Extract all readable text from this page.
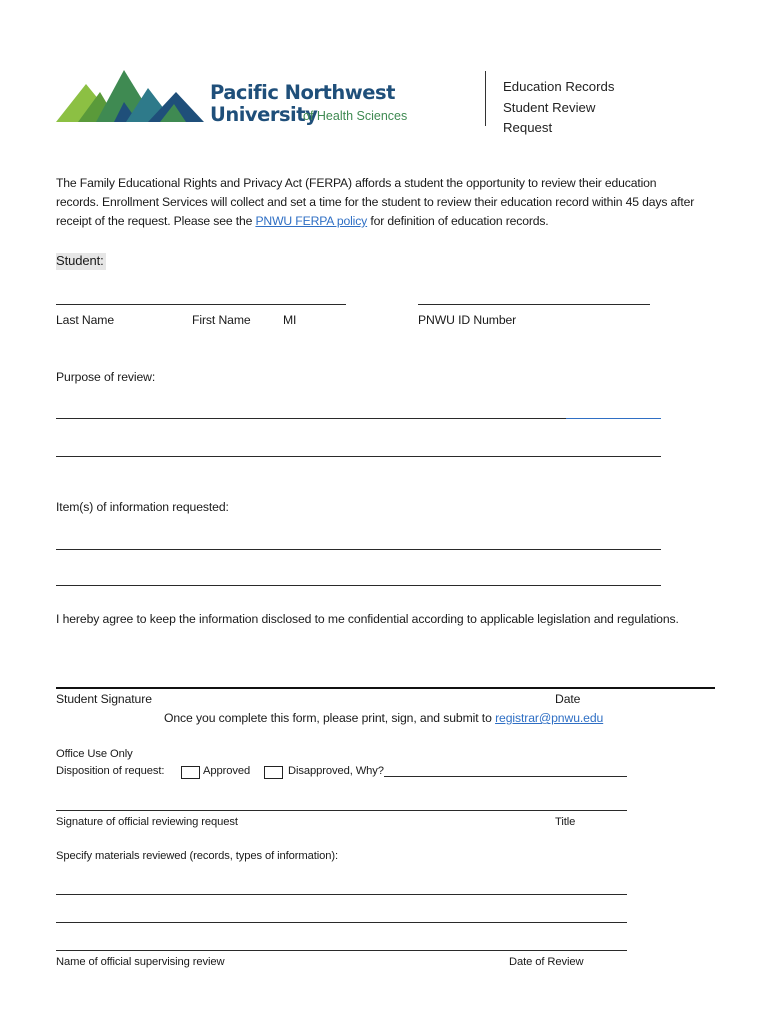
Pacific Northwest
University
of Health Sciences
Education Records
Student Review
Request
The Family Educational Rights and Privacy Act (FERPA) affords a student the opportunity to review their education records. Enrollment Services will collect and set a time for the student to review their education record within 45 days after receipt of the request. Please see the PNWU FERPA policy for definition of education records.
Student:
Last Name	First Name	MI	PNWU ID Number
Purpose of review:
Item(s) of information requested:
I hereby agree to keep the information disclosed to me confidential according to applicable legislation and regulations.
Student Signature	Date
Once you complete this form, please print, sign, and submit to registrar@pnwu.edu
Office Use Only
Disposition of request:	Approved	Disapproved, Why?
Signature of official reviewing request	Title
Specify materials reviewed (records, types of information):
Name of official supervising review	Date of Review
